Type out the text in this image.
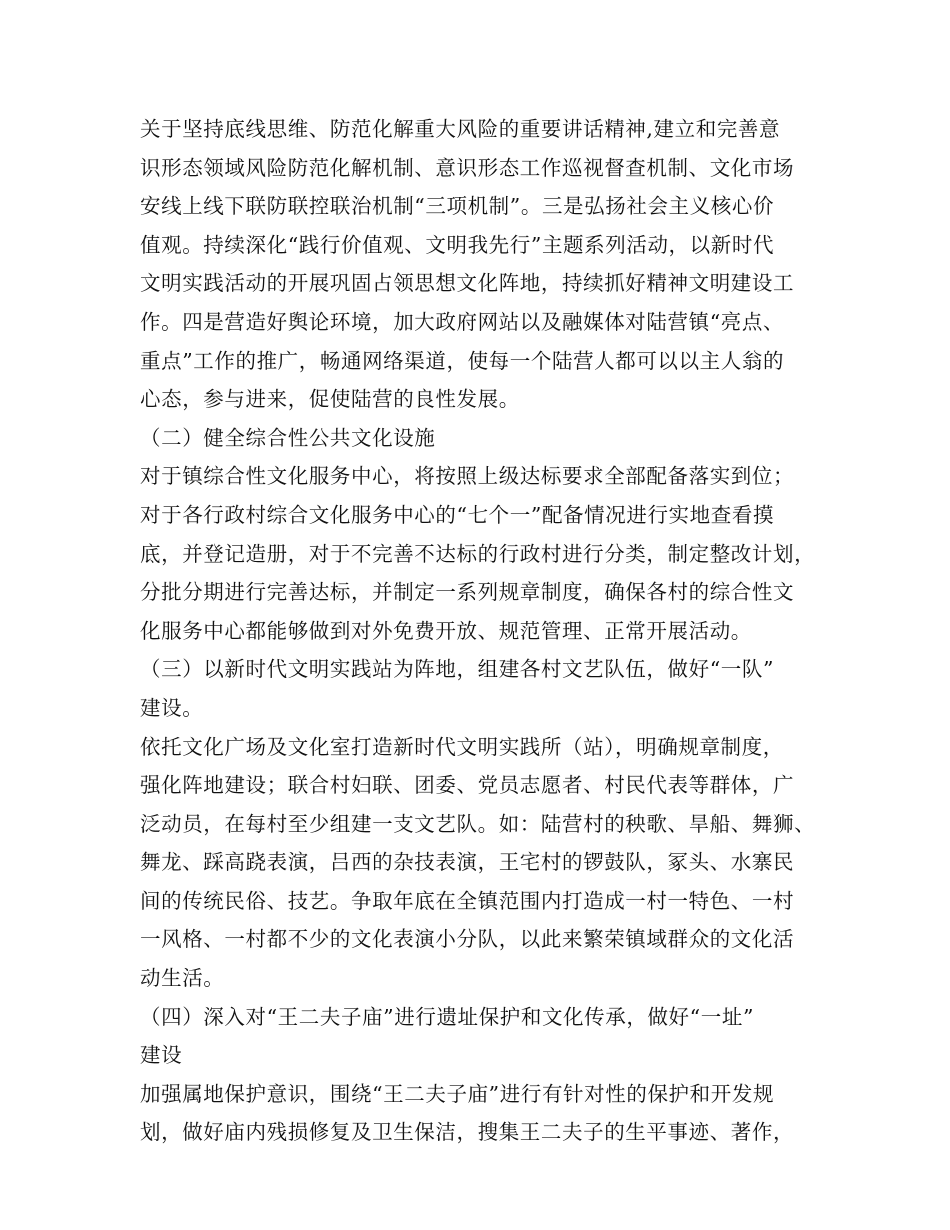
关于坚持底线思维、防范化解重大风险的重要讲话精神,建立和完善意
识形态领域风险防范化解机制、意识形态工作巡视督查机制、文化市场
安线上线下联防联控联治机制“三项机制”。三是弘扬社会主义核心价
值观。持续深化“践行价值观、文明我先行”主题系列活动，以新时代
文明实践活动的开展巩固占领思想文化阵地，持续抓好精神文明建设工
作。四是营造好舆论环境，加大政府网站以及融媒体对陆营镇“亮点、
重点”工作的推广，畅通网络渠道，使每一个陆营人都可以以主人翁的
心态，参与进来，促使陆营的良性发展。
（二）健全综合性公共文化设施
对于镇综合性文化服务中心，将按照上级达标要求全部配备落实到位；
对于各行政村综合文化服务中心的“七个一”配备情况进行实地查看摸
底，并登记造册，对于不完善不达标的行政村进行分类，制定整改计划，
分批分期进行完善达标，并制定一系列规章制度，确保各村的综合性文
化服务中心都能够做到对外免费开放、规范管理、正常开展活动。
（三）以新时代文明实践站为阵地，组建各村文艺队伍，做好“一队”
建设。
依托文化广场及文化室打造新时代文明实践所（站），明确规章制度，
强化阵地建设；联合村妇联、团委、党员志愿者、村民代表等群体，广
泛动员，在每村至少组建一支文艺队。如：陆营村的秧歌、旱船、舞狮、
舞龙、踩高跷表演，吕西的杂技表演，王宅村的锣鼓队，冢头、水寨民
间的传统民俗、技艺。争取年底在全镇范围内打造成一村一特色、一村
一风格、一村都不少的文化表演小分队，以此来繁荣镇域群众的文化活
动生活。
（四）深入对“王二夫子庙”进行遗址保护和文化传承，做好“一址”
建设
加强属地保护意识，围绕“王二夫子庙”进行有针对性的保护和开发规
划，做好庙内残损修复及卫生保洁，搜集王二夫子的生平事迹、著作，
